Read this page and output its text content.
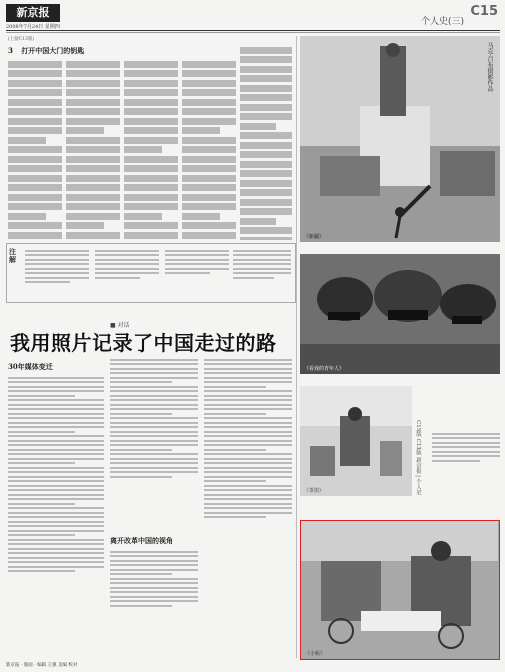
新京报
2008年7月24日 星期四	个人史(三)
C15
(上接C13版)
3 打开中国大门的钥匙
注 解
■ 对话
我用照片记录了中国走过的路
30年媒体变迁
离开改革中国的视角
C15版 C13版 新京报 | 个人史
《新疆》
马克·吕布摄影作品
《看戏的青年人》
《茶馆》
《小贩》
新京报 · 版面 · 编辑 王强 美编 校对
